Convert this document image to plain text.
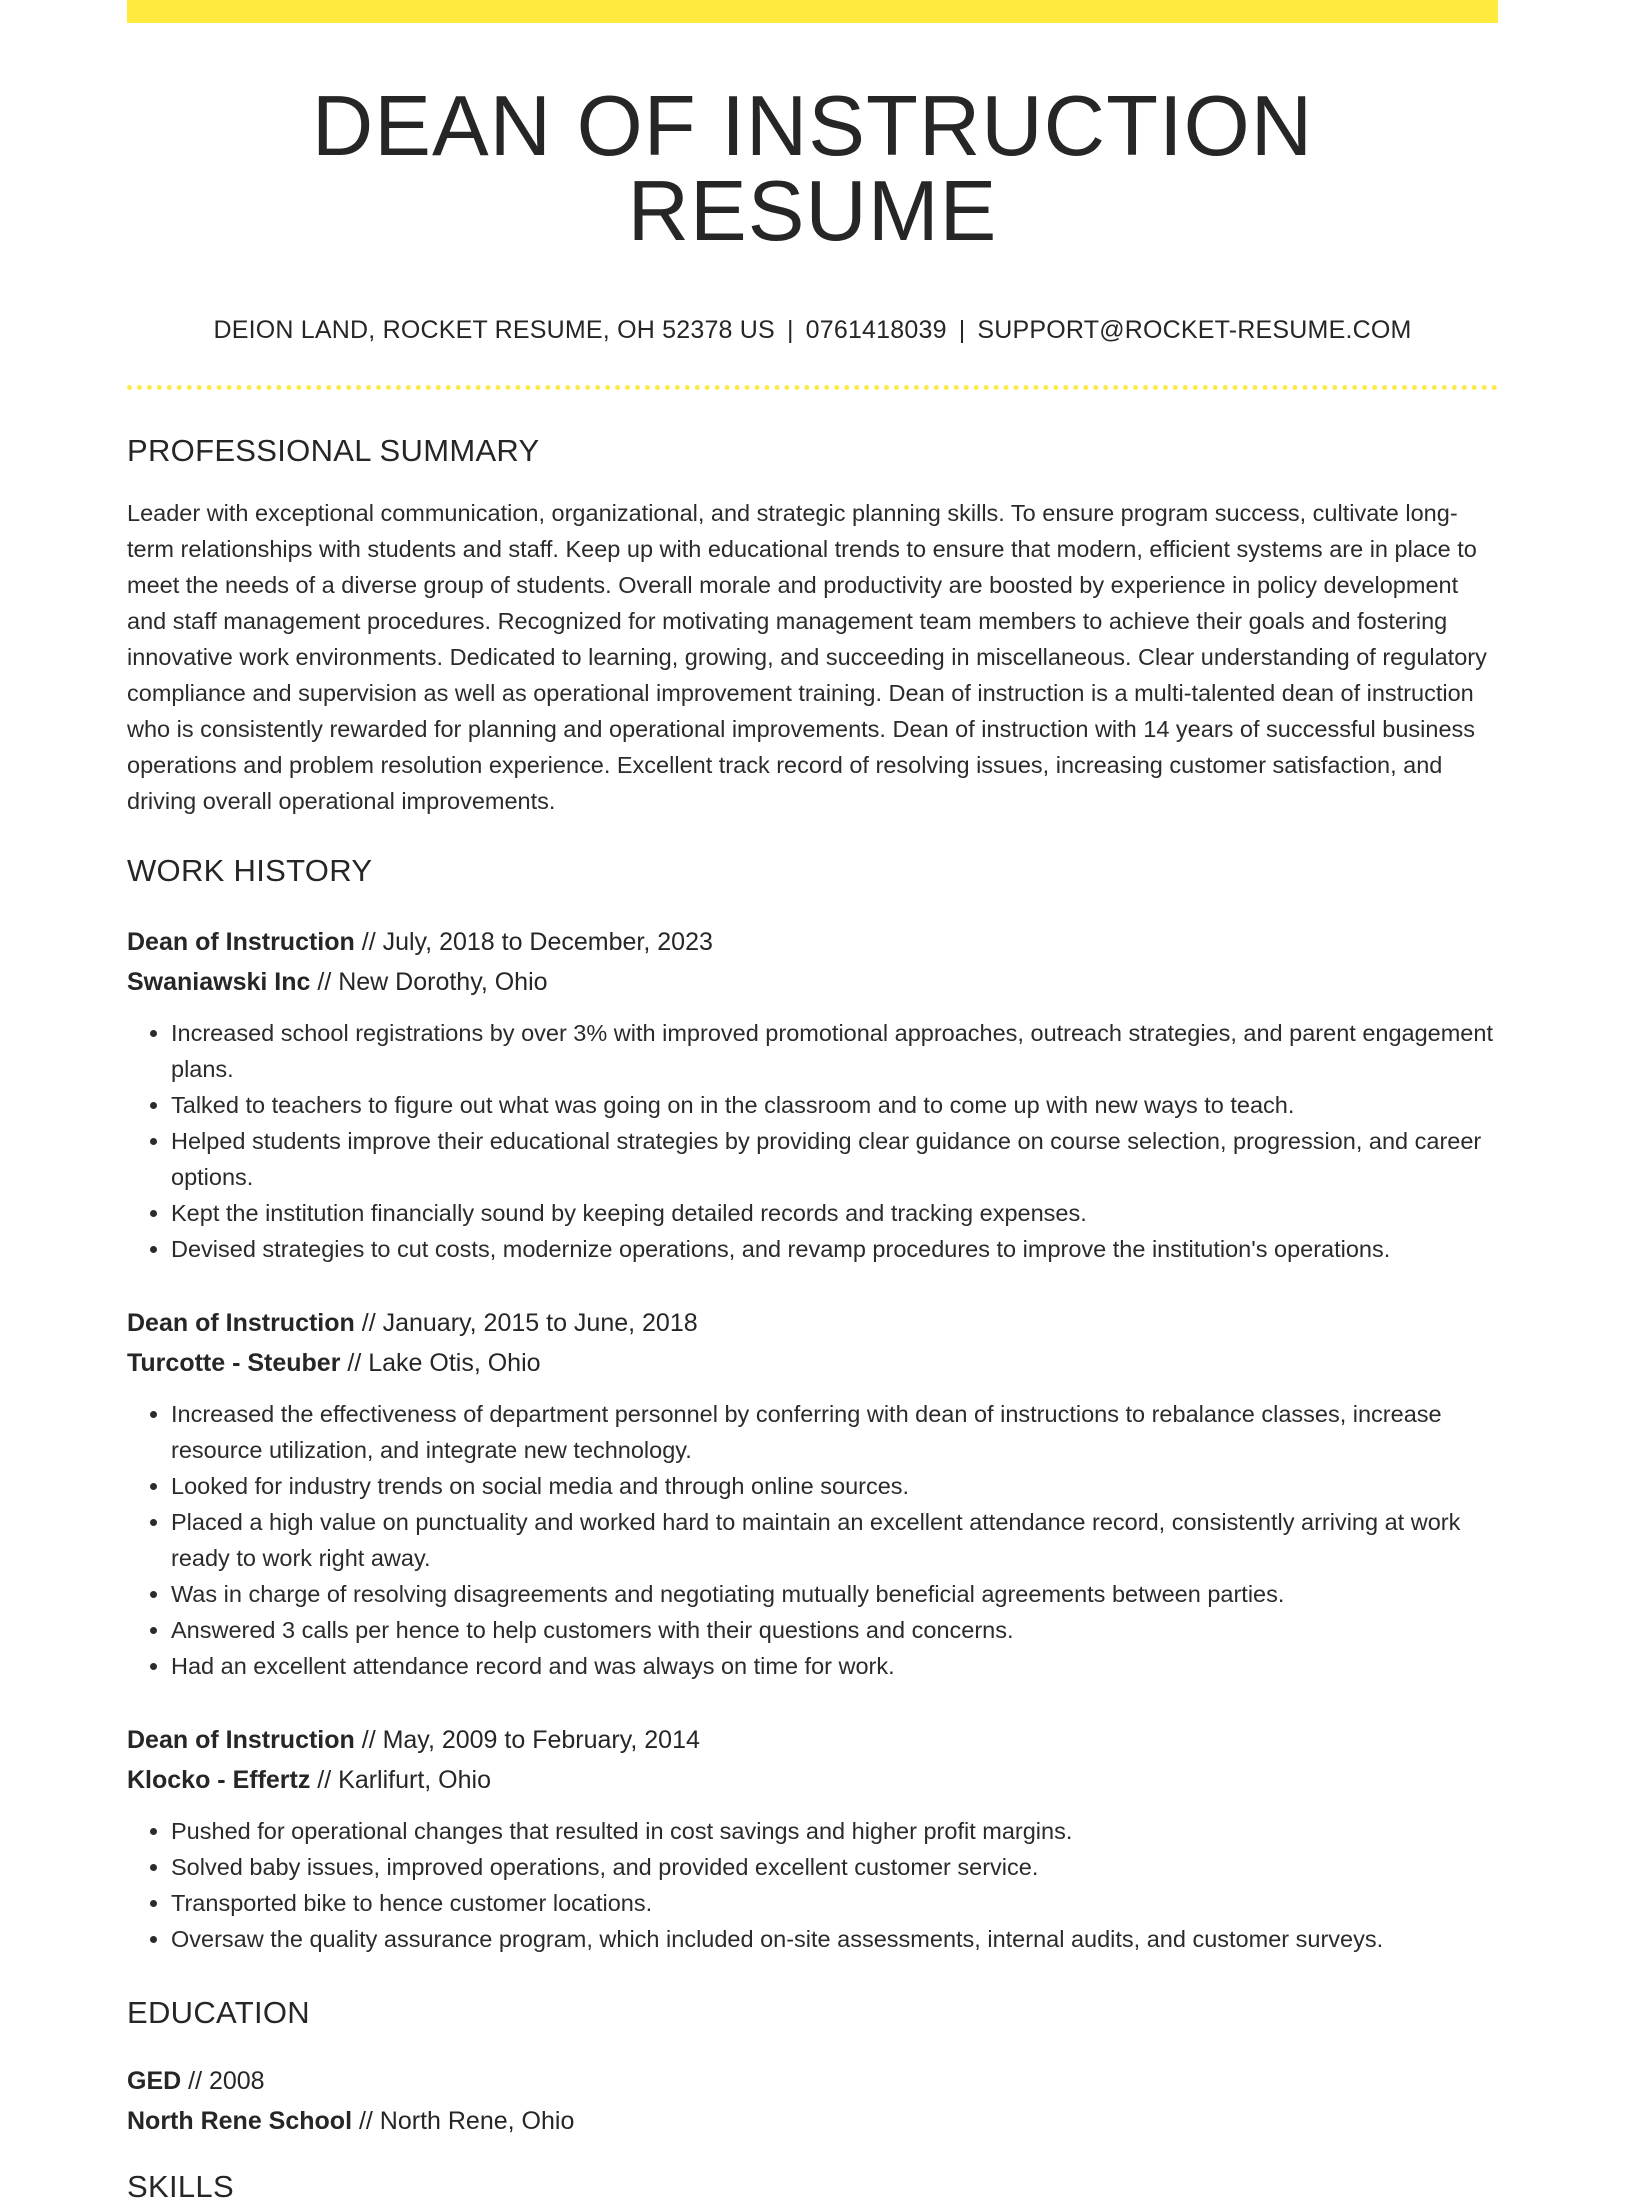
DEAN OF INSTRUCTION RESUME
DEION LAND, ROCKET RESUME, OH 52378 US | 0761418039 | SUPPORT@ROCKET-RESUME.COM
PROFESSIONAL SUMMARY
Leader with exceptional communication, organizational, and strategic planning skills. To ensure program success, cultivate long-term relationships with students and staff. Keep up with educational trends to ensure that modern, efficient systems are in place to meet the needs of a diverse group of students. Overall morale and productivity are boosted by experience in policy development and staff management procedures. Recognized for motivating management team members to achieve their goals and fostering innovative work environments. Dedicated to learning, growing, and succeeding in miscellaneous. Clear understanding of regulatory compliance and supervision as well as operational improvement training. Dean of instruction is a multi-talented dean of instruction who is consistently rewarded for planning and operational improvements. Dean of instruction with 14 years of successful business operations and problem resolution experience. Excellent track record of resolving issues, increasing customer satisfaction, and driving overall operational improvements.
WORK HISTORY
Dean of Instruction // July, 2018 to December, 2023
Swaniawski Inc // New Dorothy, Ohio
• Increased school registrations by over 3% with improved promotional approaches, outreach strategies, and parent engagement plans.
• Talked to teachers to figure out what was going on in the classroom and to come up with new ways to teach.
• Helped students improve their educational strategies by providing clear guidance on course selection, progression, and career options.
• Kept the institution financially sound by keeping detailed records and tracking expenses.
• Devised strategies to cut costs, modernize operations, and revamp procedures to improve the institution's operations.
Dean of Instruction // January, 2015 to June, 2018
Turcotte - Steuber // Lake Otis, Ohio
• Increased the effectiveness of department personnel by conferring with dean of instructions to rebalance classes, increase resource utilization, and integrate new technology.
• Looked for industry trends on social media and through online sources.
• Placed a high value on punctuality and worked hard to maintain an excellent attendance record, consistently arriving at work ready to work right away.
• Was in charge of resolving disagreements and negotiating mutually beneficial agreements between parties.
• Answered 3 calls per hence to help customers with their questions and concerns.
• Had an excellent attendance record and was always on time for work.
Dean of Instruction // May, 2009 to February, 2014
Klocko - Effertz // Karlifurt, Ohio
• Pushed for operational changes that resulted in cost savings and higher profit margins.
• Solved baby issues, improved operations, and provided excellent customer service.
• Transported bike to hence customer locations.
• Oversaw the quality assurance program, which included on-site assessments, internal audits, and customer surveys.
EDUCATION
GED // 2008
North Rene School // North Rene, Ohio
SKILLS
